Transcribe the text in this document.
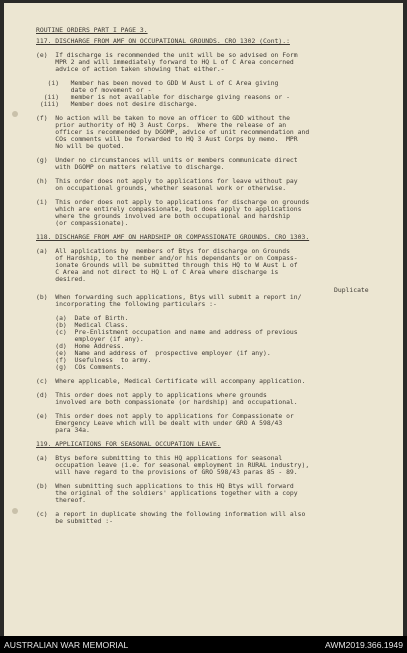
ROUTINE ORDERS PART I PAGE 3.
117. DISCHARGE FROM AMF ON OCCUPATIONAL GROUNDS. CRO 1302 (Cont).:
(e)  If discharge is recommended the unit will be so advised on Form
MPR 2 and will immediately forward to HQ L of C Area concerned
advice of action taken showing that either.-
(i)   Member has been moved to GDD W Aust L of C Area giving
date of movement or -
(ii)   member is not available for discharge giving reasons or -
(iii)   Member does not desire discharge.
(f)  No action will be taken to move an officer to GDD without the
prior authority of HQ 3 Aust Corps.  Where the release of an
officer is recommended by DGOMP, advice of unit recommendation and
COs comments will be forwarded to HQ 3 Aust Corps by memo.  MPR
No will be quoted.
(g)  Under no circumstances will units or members communicate direct
with DGOMP on matters relative to discharge.
(h)  This order does not apply to applications for leave without pay
on occupational grounds, whether seasonal work or otherwise.
(i)  This order does not apply to applications for discharge on grounds
which are entirely compassionate, but does apply to applications
where the grounds involved are both occupational and hardship
(or compassionate).
118. DISCHARGE FROM AMF ON HARDSHIP OR COMPASSIONATE GROUNDS. CRO 1303.
(a)  All applications by  members of Btys for discharge on Grounds
of Hardship, to the member and/or his dependants or on Compass-
ionate Grounds will be submitted through this HQ to W Aust L of
C Area and not direct to HQ L of C Area where discharge is
desired.
Duplicate
(b)  When forwarding such applications, Btys will submit a report in/
incorporating the following particulars :-
(a)  Date of Birth.
(b)  Medical Class.
(c)  Pre-Enlistment occupation and name and address of previous
employer (if any).
(d)  Home Address.
(e)  Name and address of  prospective employer (if any).
(f)  Usefulness  to army.
(g)  COs Comments.
(c)  Where applicable, Medical Certificate will accompany application.
(d)  This order does not apply to applications where grounds
involved are both compassionate (or hardship) and occupational.
(e)  This order does not apply to applications for Compassionate or
Emergency Leave which will be dealt with under GRO A 598/43
para 34a.
119. APPLICATIONS FOR SEASONAL OCCUPATION LEAVE.
(a)  Btys before submitting to this HQ applications for seasonal
occupation leave (i.e. for seasonal employment in RURAL industry),
will have regard to the provisions of GRO 598/43 paras 85 - 89.
(b)  When submitting such applications to this HQ Btys will forward
the original of the soldiers' applications together with a copy
thereof.
(c)  a report in duplicate showing the following information will also
be submitted :-
AUSTRALIAN WAR MEMORIAL	AWM2019.366.1949
